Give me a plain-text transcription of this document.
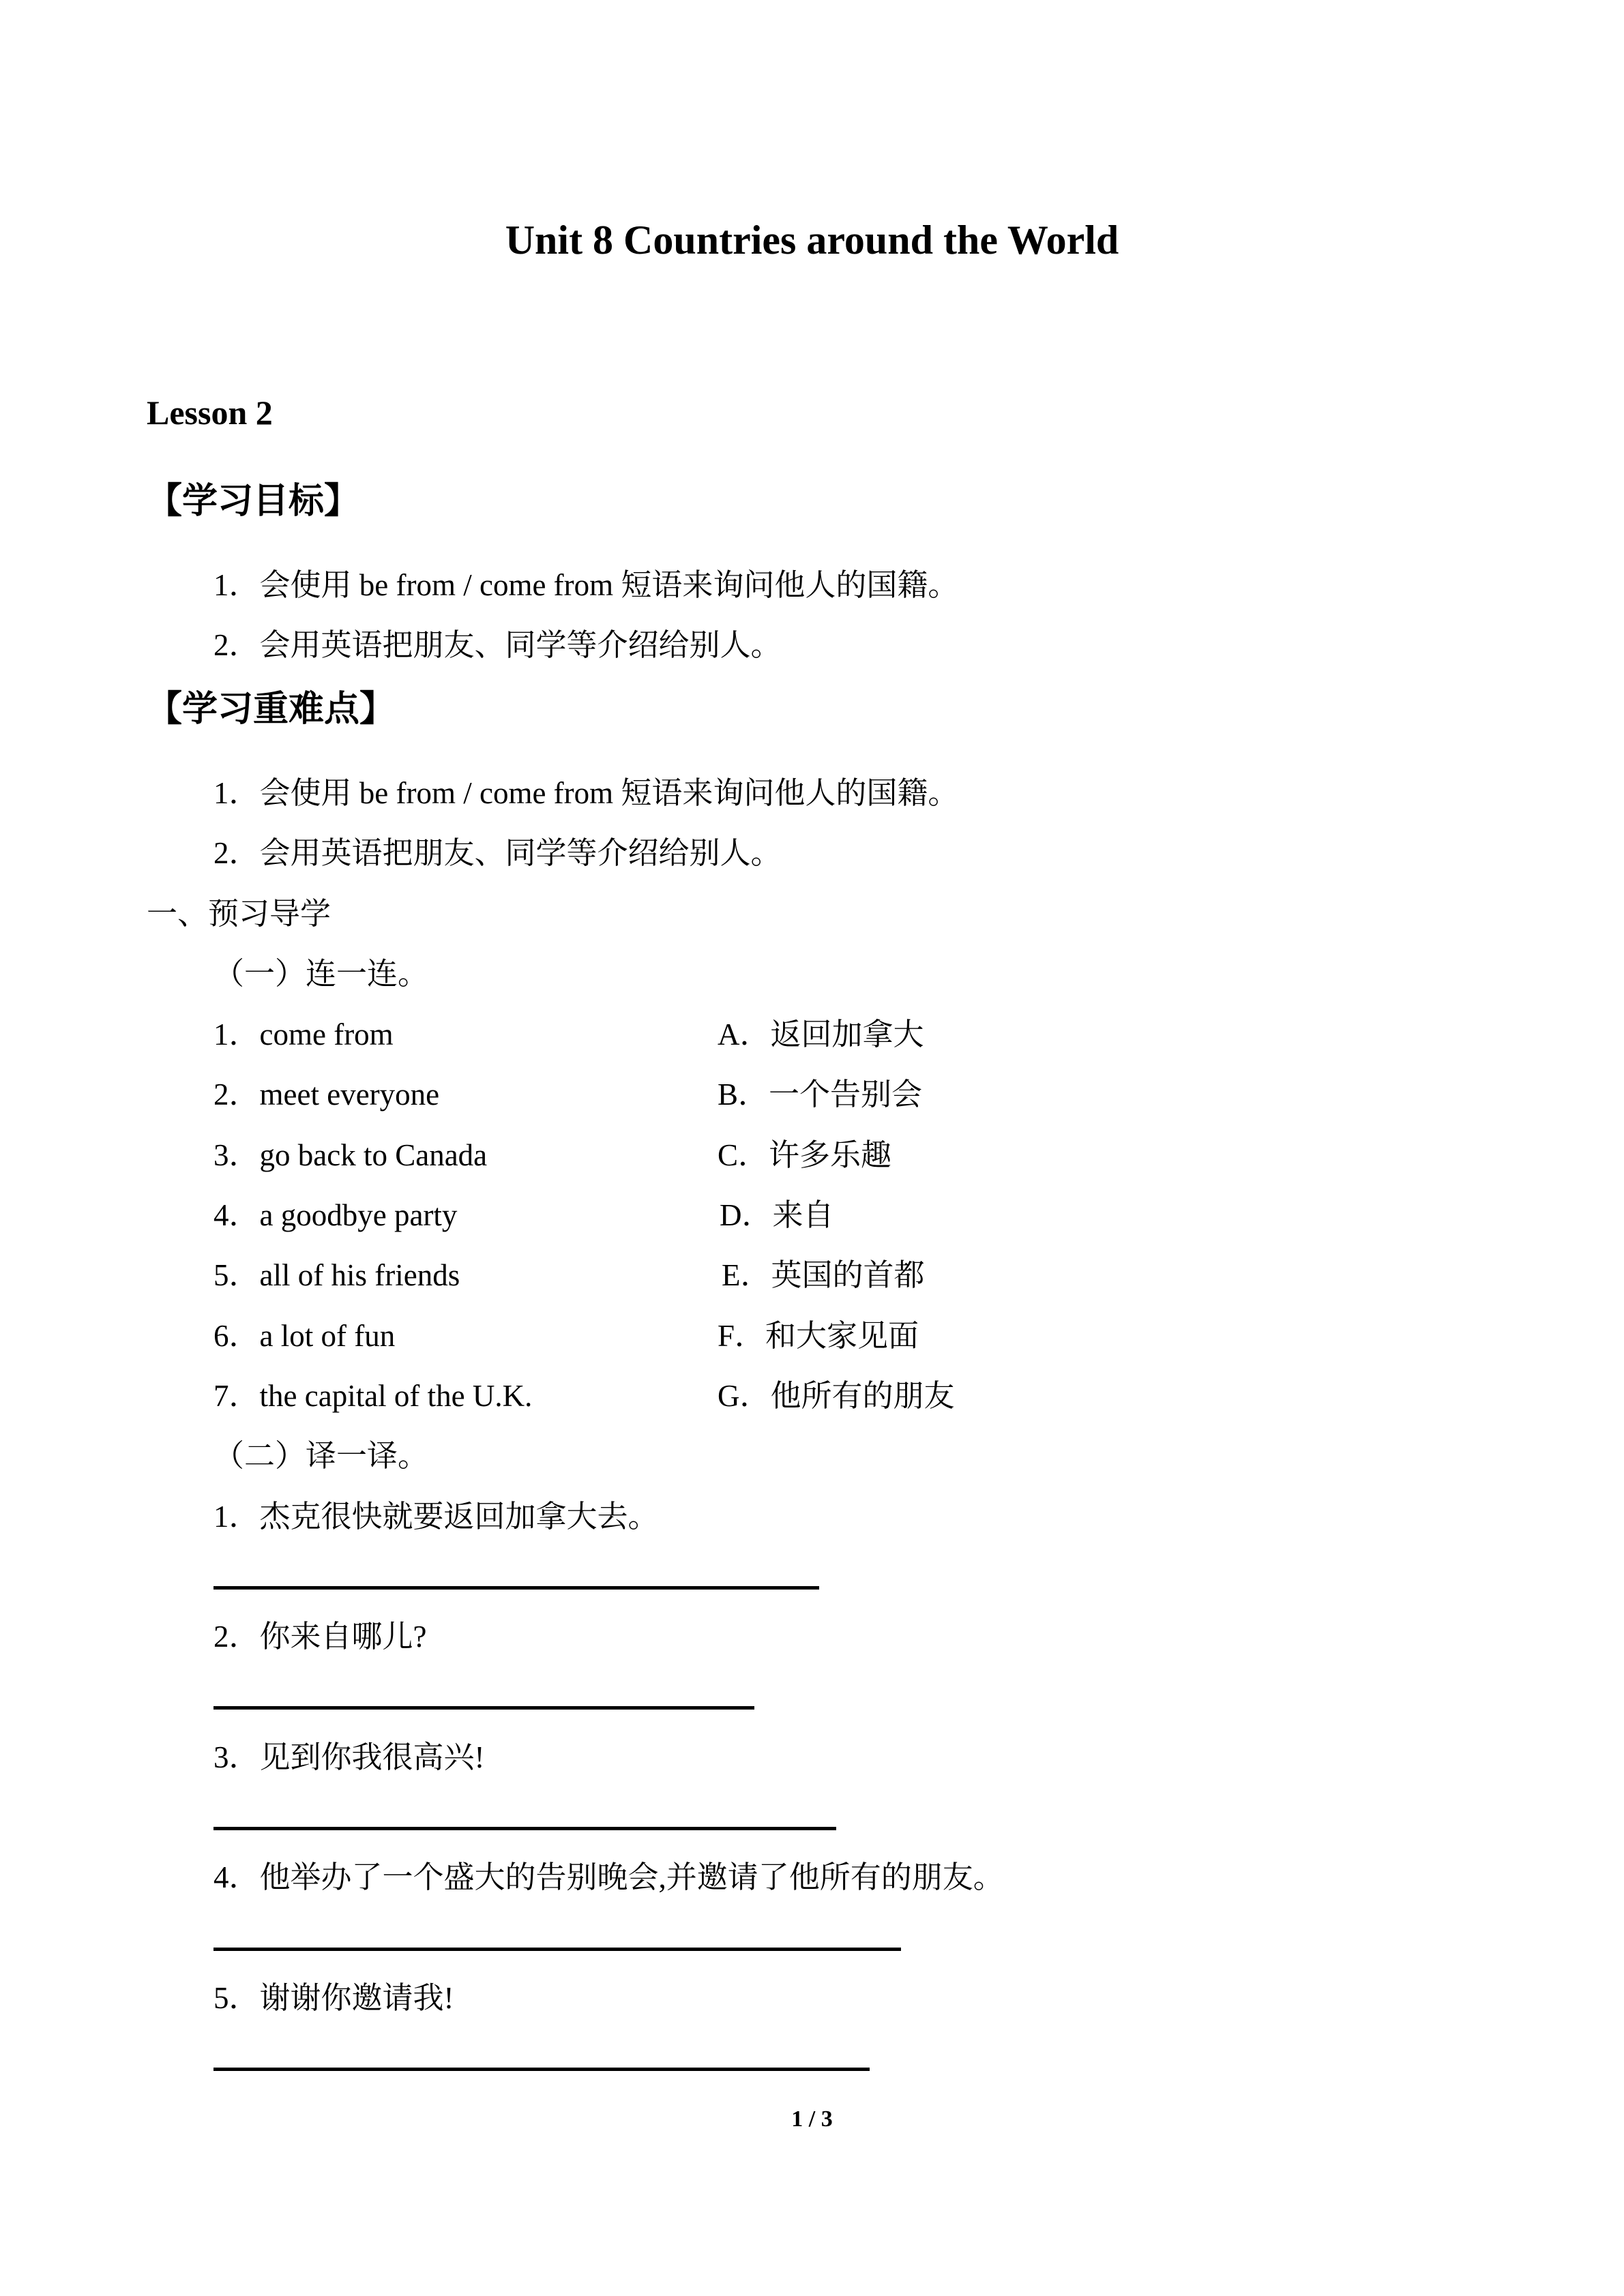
Unit 8 Countries around the World
Lesson 2
【学习目标】
1．会使用 be from / come from 短语来询问他人的国籍。
2．会用英语把朋友、同学等介绍给别人。
【学习重难点】
1．会使用 be from / come from 短语来询问他人的国籍。
2．会用英语把朋友、同学等介绍给别人。
一、预习导学
（一）连一连。
1．come from
2．meet everyone
3．go back to Canada
4．a goodbye party
5．all of his friends
6．a lot of fun
7．the capital of the U.K.
A．返回加拿大
B．一个告别会
C．许多乐趣
D．来自
E．英国的首都
F．和大家见面
G．他所有的朋友
（二）译一译。
1．杰克很快就要返回加拿大去。
2．你来自哪儿?
3．见到你我很高兴!
4．他举办了一个盛大的告别晚会,并邀请了他所有的朋友。
5．谢谢你邀请我!
1 / 3
